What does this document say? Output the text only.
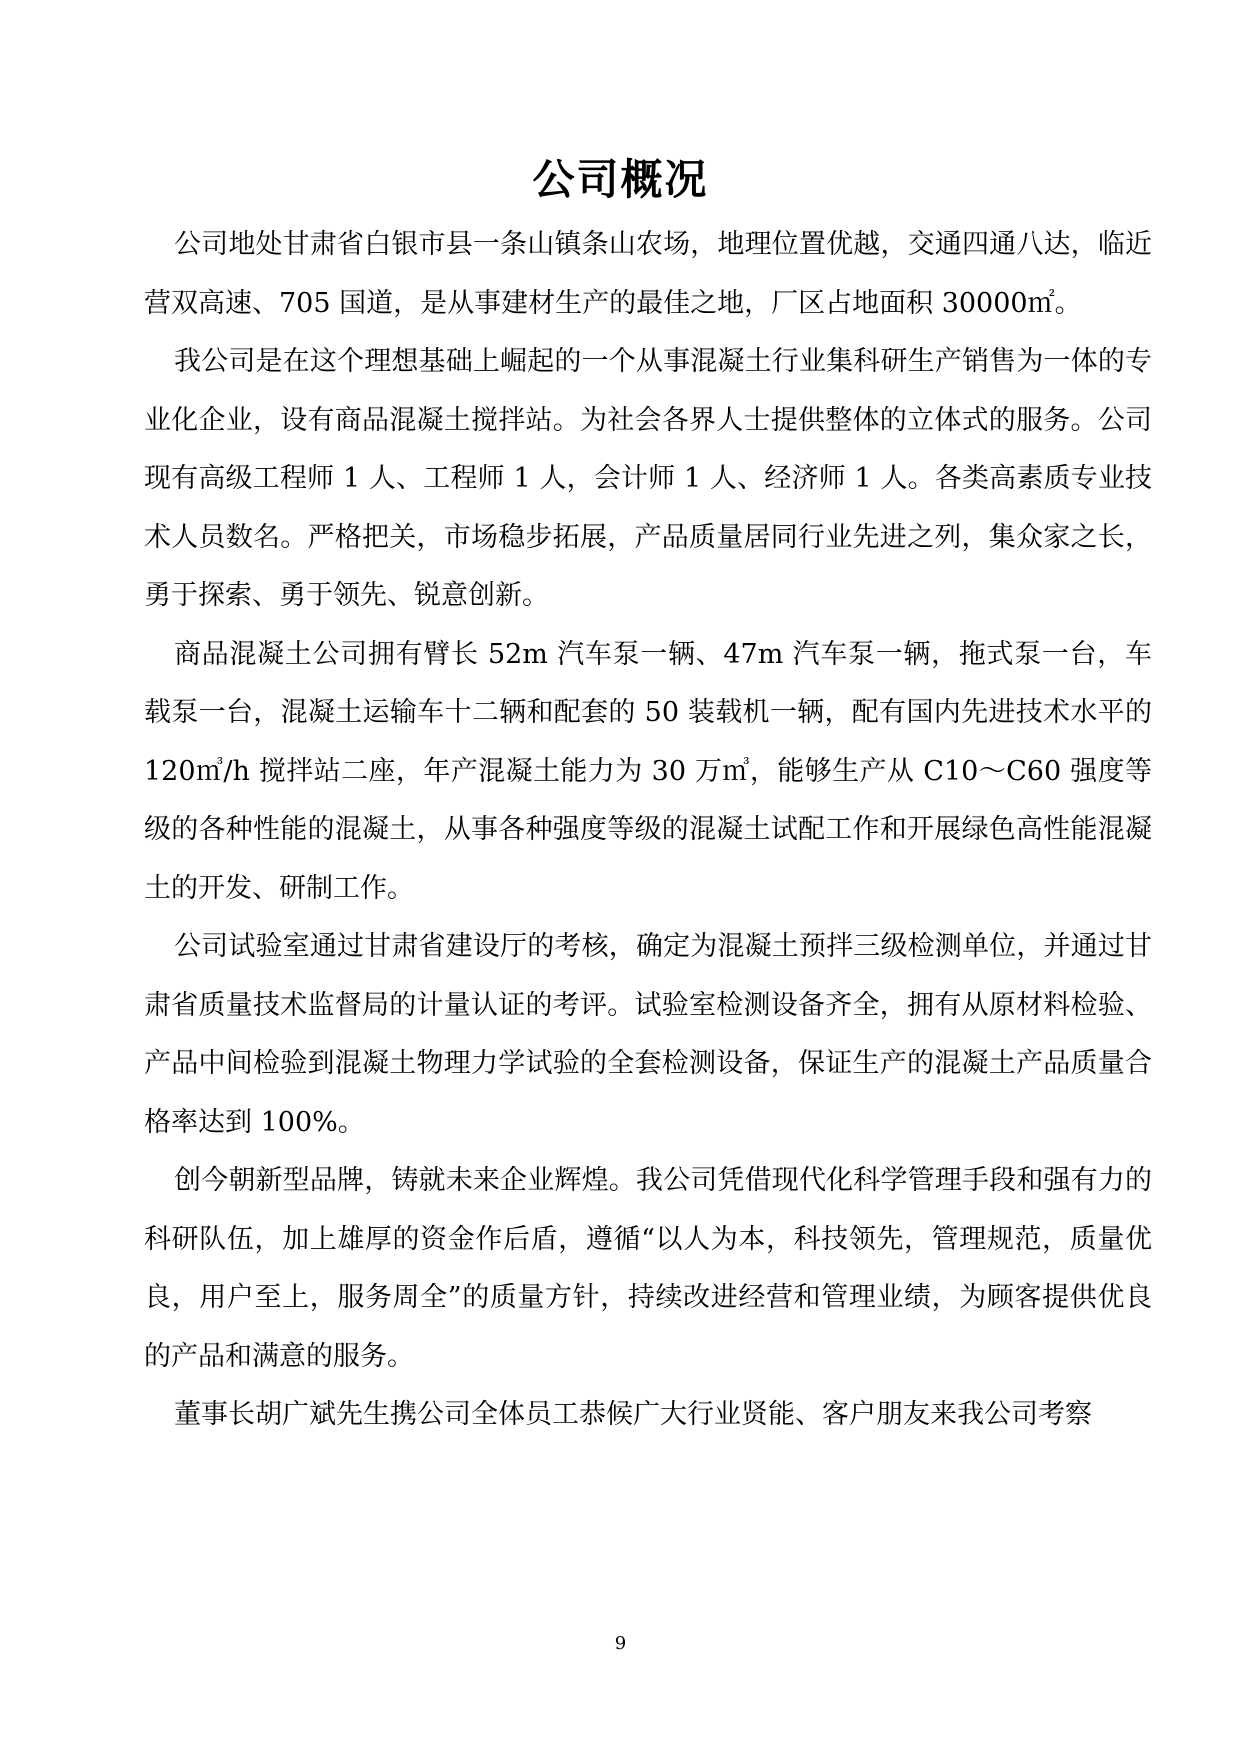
公司概况

公司地处甘肃省白银市县一条山镇条山农场，地理位置优越，交通四通八达，临近营双高速、705 国道，是从事建材生产的最佳之地，厂区占地面积 30000㎡。

我公司是在这个理想基础上崛起的一个从事混凝土行业集科研生产销售为一体的专业化企业，设有商品混凝土搅拌站。为社会各界人士提供整体的立体式的服务。公司现有高级工程师 1 人、工程师 1 人，会计师 1 人、经济师 1 人。各类高素质专业技术人员数名。严格把关，市场稳步拓展，产品质量居同行业先进之列，集众家之长，勇于探索、勇于领先、锐意创新。

商品混凝土公司拥有臂长 52m 汽车泵一辆、47m 汽车泵一辆，拖式泵一台，车载泵一台，混凝土运输车十二辆和配套的 50 装载机一辆，配有国内先进技术水平的 120㎥/h 搅拌站二座，年产混凝土能力为 30 万㎥，能够生产从 C10～C60 强度等级的各种性能的混凝土，从事各种强度等级的混凝土试配工作和开展绿色高性能混凝土的开发、研制工作。

公司试验室通过甘肃省建设厅的考核，确定为混凝土预拌三级检测单位，并通过甘肃省质量技术监督局的计量认证的考评。试验室检测设备齐全，拥有从原材料检验、产品中间检验到混凝土物理力学试验的全套检测设备，保证生产的混凝土产品质量合格率达到 100%。

创今朝新型品牌，铸就未来企业辉煌。我公司凭借现代化科学管理手段和强有力的科研队伍，加上雄厚的资金作后盾，遵循“以人为本，科技领先，管理规范，质量优良，用户至上，服务周全”的质量方针，持续改进经营和管理业绩，为顾客提供优良的产品和满意的服务。

董事长胡广斌先生携公司全体员工恭候广大行业贤能、客户朋友来我公司考察

9
